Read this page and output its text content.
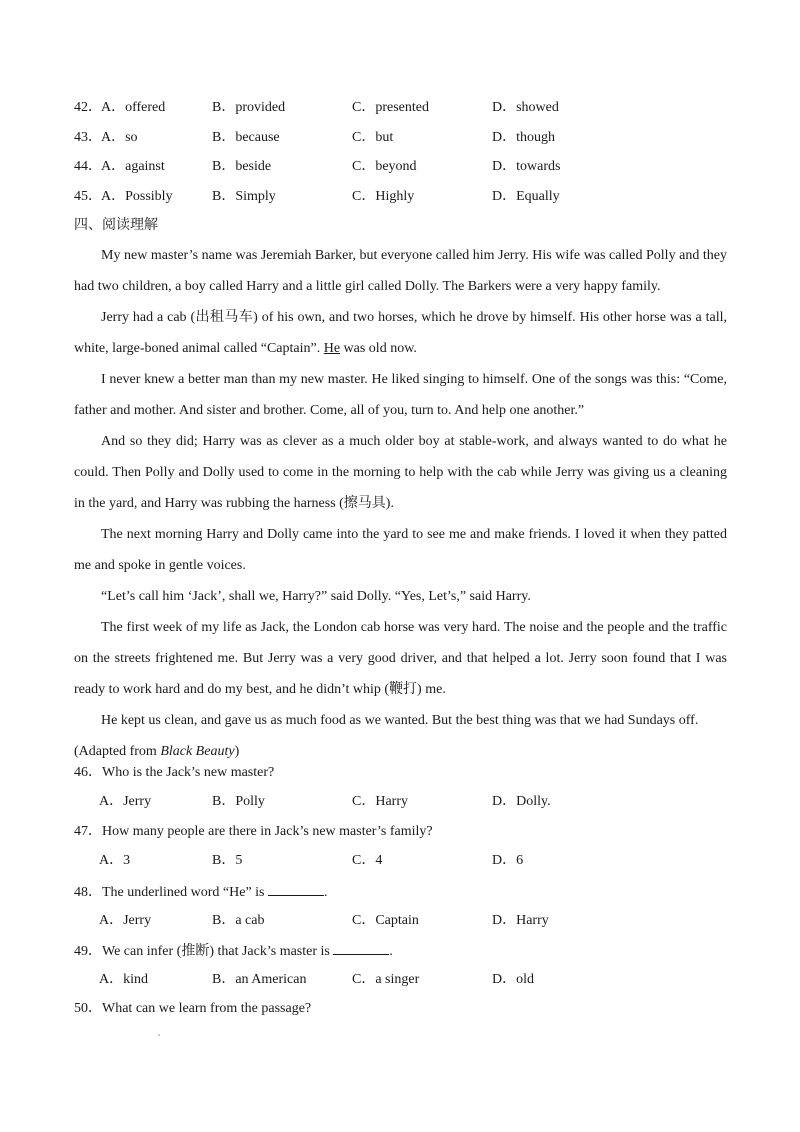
42． A．offered	B．provided	C．presented	D．showed
43． A．so	B．because	C．but	D．though
44． A．against	B．beside	C．beyond	D．towards
45． A．Possibly	B．Simply	C．Highly	D．Equally
四、阅读理解

My new master’s name was Jeremiah Barker, but everyone called him Jerry. His wife was called Polly and they had two children, a boy called Harry and a little girl called Dolly. The Barkers were a very happy family.

Jerry had a cab (出租马车) of his own, and two horses, which he drove by himself. His other horse was a tall, white, large-boned animal called “Captain”. He was old now.

I never knew a better man than my new master. He liked singing to himself. One of the songs was this: “Come, father and mother. And sister and brother. Come, all of you, turn to. And help one another.”

And so they did; Harry was as clever as a much older boy at stable-work, and always wanted to do what he could. Then Polly and Dolly used to come in the morning to help with the cab while Jerry was giving us a cleaning in the yard, and Harry was rubbing the harness (擦马具).

The next morning Harry and Dolly came into the yard to see me and make friends. I loved it when they patted me and spoke in gentle voices.

“Let’s call him ‘Jack’, shall we, Harry?” said Dolly. “Yes, Let’s,” said Harry.

The first week of my life as Jack, the London cab horse was very hard. The noise and the people and the traffic on the streets frightened me. But Jerry was a very good driver, and that helped a lot. Jerry soon found that I was ready to work hard and do my best, and he didn’t whip (鞭打) me.

He kept us clean, and gave us as much food as we wanted. But the best thing was that we had Sundays off.

(Adapted from Black Beauty)
46．Who is the Jack’s new master?
A．Jerry	B．Polly	C．Harry	D．Dolly.
47．How many people are there in Jack’s new master’s family?
A．3	B．5	C．4	D．6
48．The underlined word “He” is	.
A．Jerry	B．a cab	C．Captain	D．Harry
49．We can infer (推断) that Jack’s master is	.
A．kind	B．an American	C．a singer	D．old
50．What can we learn from the passage?
